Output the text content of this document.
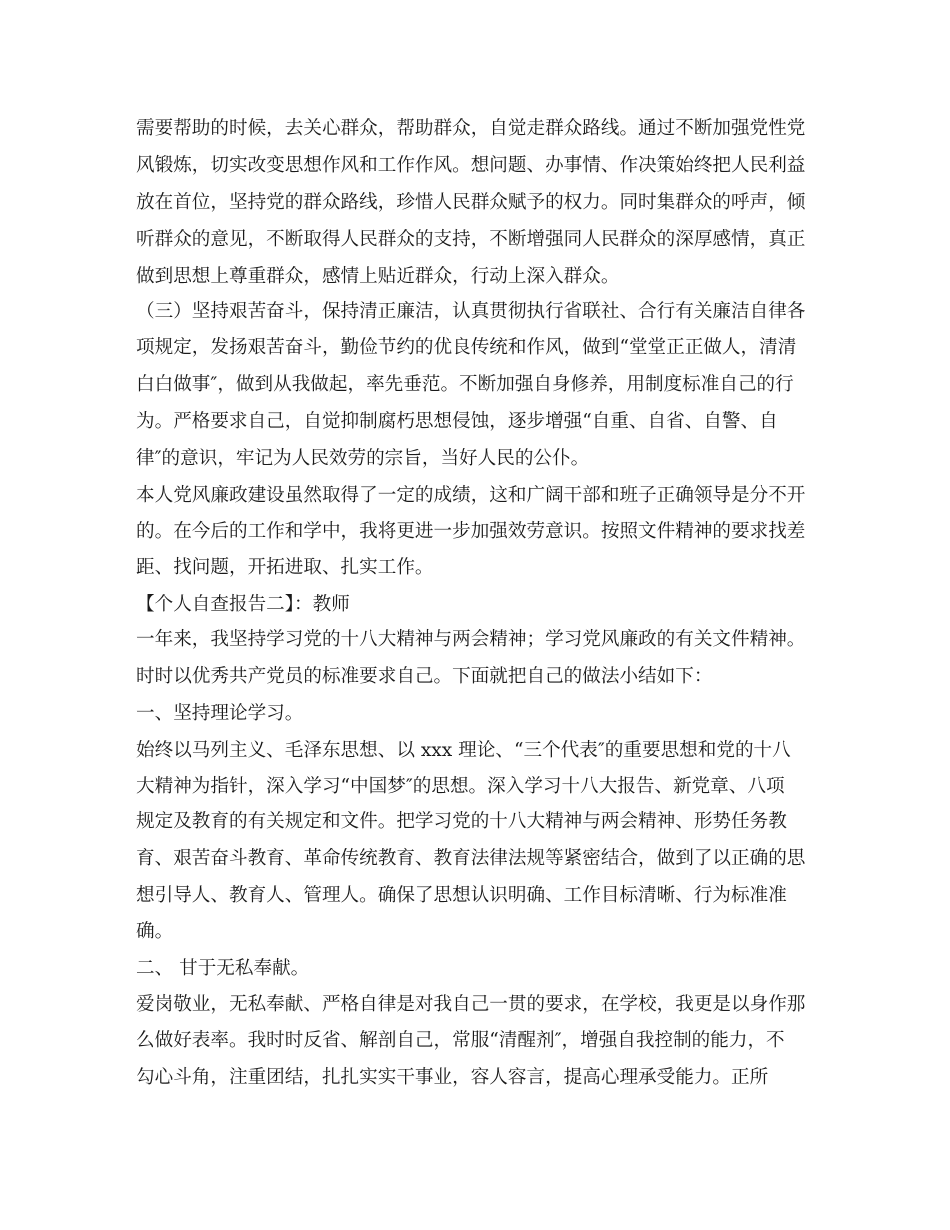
需要帮助的时候，去关心群众，帮助群众，自觉走群众路线。通过不断加强党性党
风锻炼，切实改变思想作风和工作作风。想问题、办事情、作决策始终把人民利益
放在首位，坚持党的群众路线，珍惜人民群众赋予的权力。同时集群众的呼声，倾
听群众的意见，不断取得人民群众的支持，不断增强同人民群众的深厚感情，真正
做到思想上尊重群众，感情上贴近群众，行动上深入群众。
（三）坚持艰苦奋斗，保持清正廉洁，认真贯彻执行省联社、合行有关廉洁自律各
项规定，发扬艰苦奋斗，勤俭节约的优良传统和作风，做到“堂堂正正做人，清清
白白做事″，做到从我做起，率先垂范。不断加强自身修养，用制度标准自己的行
为。严格要求自己，自觉抑制腐朽思想侵蚀，逐步增强“自重、自省、自警、自
律″的意识，牢记为人民效劳的宗旨，当好人民的公仆。
本人党风廉政建设虽然取得了一定的成绩，这和广阔干部和班子正确领导是分不开
的。在今后的工作和学中，我将更进一步加强效劳意识。按照文件精神的要求找差
距、找问题，开拓进取、扎实工作。
【个人自查报告二】：教师
一年来，我坚持学习党的十八大精神与两会精神；学习党风廉政的有关文件精神。
时时以优秀共产党员的标准要求自己。下面就把自己的做法小结如下：
一、坚持理论学习。
始终以马列主义、毛泽东思想、以 xxx 理论、“三个代表″的重要思想和党的十八
大精神为指针，深入学习“中国梦″的思想。深入学习十八大报告、新党章、八项
规定及教育的有关规定和文件。把学习党的十八大精神与两会精神、形势任务教
育、艰苦奋斗教育、革命传统教育、教育法律法规等紧密结合，做到了以正确的思
想引导人、教育人、管理人。确保了思想认识明确、工作目标清晰、行为标准准
确。
二、 甘于无私奉献。
爱岗敬业，无私奉献、严格自律是对我自己一贯的要求，在学校，我更是以身作那
么做好表率。我时时反省、解剖自己，常服“清醒剂″，增强自我控制的能力，不
勾心斗角，注重团结，扎扎实实干事业，容人容言，提高心理承受能力。正所
